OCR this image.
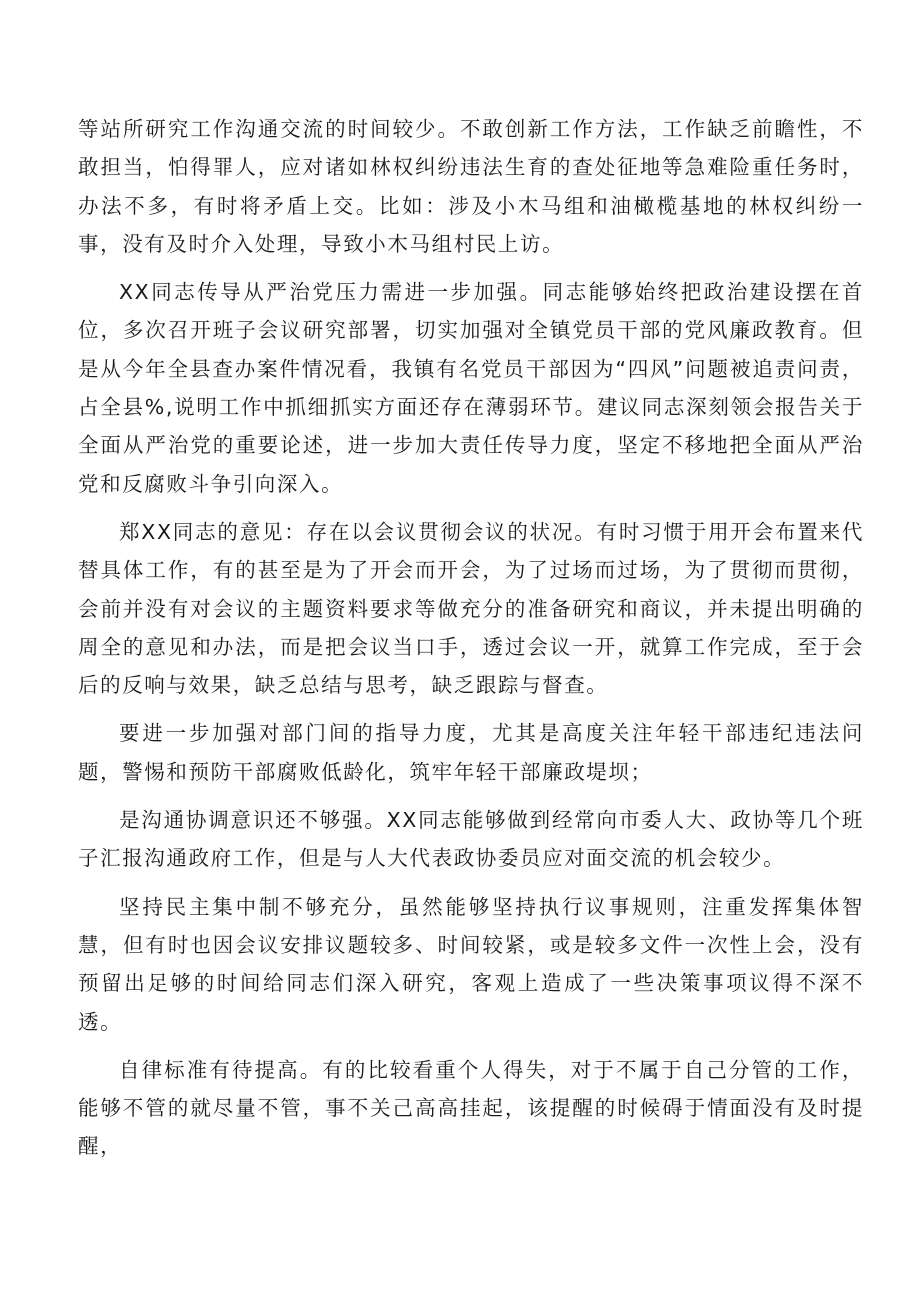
等站所研究工作沟通交流的时间较少。不敢创新工作方法，工作缺乏前瞻性，不敢担当，怕得罪人，应对诸如林权纠纷违法生育的查处征地等急难险重任务时，办法不多，有时将矛盾上交。比如：涉及小木马组和油橄榄基地的林权纠纷一事，没有及时介入处理，导致小木马组村民上访。

XX同志传导从严治党压力需进一步加强。同志能够始终把政治建设摆在首位，多次召开班子会议研究部署，切实加强对全镇党员干部的党风廉政教育。但是从今年全县查办案件情况看，我镇有名党员干部因为“四风”问题被追责问责，占全县%,说明工作中抓细抓实方面还存在薄弱环节。建议同志深刻领会报告关于全面从严治党的重要论述，进一步加大责任传导力度，坚定不移地把全面从严治党和反腐败斗争引向深入。

郑XX同志的意见：存在以会议贯彻会议的状况。有时习惯于用开会布置来代替具体工作，有的甚至是为了开会而开会，为了过场而过场，为了贯彻而贯彻，会前并没有对会议的主题资料要求等做充分的准备研究和商议，并未提出明确的周全的意见和办法，而是把会议当口手，透过会议一开，就算工作完成，至于会后的反响与效果，缺乏总结与思考，缺乏跟踪与督查。

要进一步加强对部门间的指导力度，尤其是高度关注年轻干部违纪违法问题，警惕和预防干部腐败低龄化，筑牢年轻干部廉政堤坝；

是沟通协调意识还不够强。XX同志能够做到经常向市委人大、政协等几个班子汇报沟通政府工作，但是与人大代表政协委员应对面交流的机会较少。

坚持民主集中制不够充分，虽然能够坚持执行议事规则，注重发挥集体智慧，但有时也因会议安排议题较多、时间较紧，或是较多文件一次性上会，没有预留出足够的时间给同志们深入研究，客观上造成了一些决策事项议得不深不透。

自律标准有待提高。有的比较看重个人得失，对于不属于自己分管的工作，能够不管的就尽量不管，事不关己高高挂起，该提醒的时候碍于情面没有及时提醒，
